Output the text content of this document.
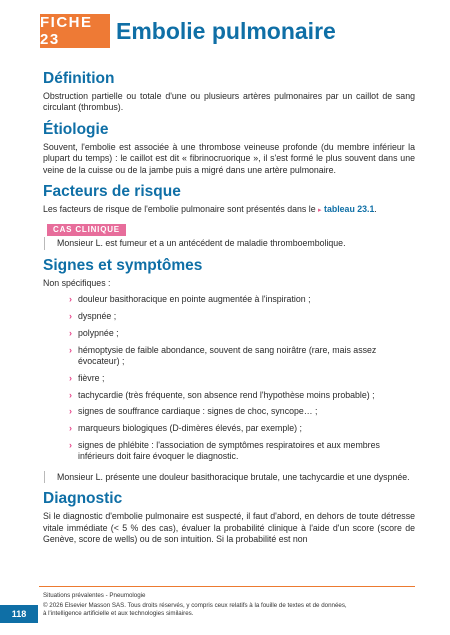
FICHE 23	Embolie pulmonaire
Définition

Obstruction partielle ou totale d'une ou plusieurs artères pulmonaires par un caillot de sang circulant (thrombus).

Étiologie

Souvent, l'embolie est associée à une thrombose veineuse profonde (du membre inférieur la plupart du temps) : le caillot est dit « fibrinocruorique », il s'est formé le plus souvent dans une veine de la cuisse ou de la jambe puis a migré dans une artère pulmonaire.

Facteurs de risque

Les facteurs de risque de l'embolie pulmonaire sont présentés dans le ▸ tableau 23.1.

CAS CLINIQUE

Monsieur L. est fumeur et a un antécédent de maladie thromboembolique.

Signes et symptômes

Non spécifiques :

› douleur basithoracique en pointe augmentée à l'inspiration ;
› dyspnée ;
› polypnée ;
› hémoptysie de faible abondance, souvent de sang noirâtre (rare, mais assez évocateur) ;
› fièvre ;
› tachycardie (très fréquente, son absence rend l'hypothèse moins probable) ;
› signes de souffrance cardiaque : signes de choc, syncope… ;
› marqueurs biologiques (D-dimères élevés, par exemple) ;
› signes de phlébite : l'association de symptômes respiratoires et aux membres inférieurs doit faire évoquer le diagnostic.

Monsieur L. présente une douleur basithoracique brutale, une tachycardie et une dyspnée.

Diagnostic

Si le diagnostic d'embolie pulmonaire est suspecté, il faut d'abord, en dehors de toute détresse vitale immédiate (< 5 % des cas), évaluer la probabilité clinique à l'aide d'un score (score de Genève, score de wells) ou de son intuition. Si la probabilité est non

118
Situations prévalentes - Pneumologie
© 2026 Elsevier Masson SAS. Tous droits réservés, y compris ceux relatifs à la fouille de textes et de données,
à l'intelligence artificielle et aux technologies similaires.
